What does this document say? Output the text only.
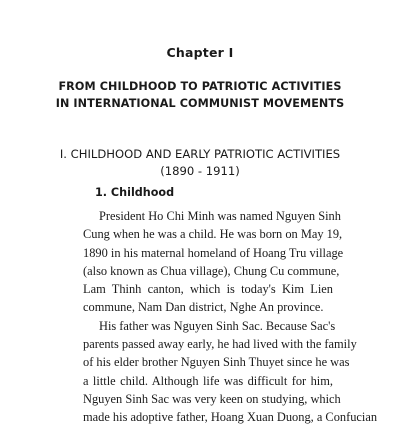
Chapter I
FROM CHILDHOOD TO PATRIOTIC ACTIVITIES
IN INTERNATIONAL COMMUNIST MOVEMENTS
I. CHILDHOOD AND EARLY PATRIOTIC ACTIVITIES
(1890 - 1911)
1. Childhood
President Ho Chi Minh was named Nguyen Sinh
Cung when he was a child. He was born on May 19,
1890 in his maternal homeland of Hoang Tru village
(also known as Chua village), Chung Cu commune,
Lam Thinh canton, which is today's Kim Lien
commune, Nam Dan district, Nghe An province.
His father was Nguyen Sinh Sac. Because Sac's
parents passed away early, he had lived with the family
of his elder brother Nguyen Sinh Thuyet since he was
a little child. Although life was difficult for him,
Nguyen Sinh Sac was very keen on studying, which
made his adoptive father, Hoang Xuan Duong, a Confucian
